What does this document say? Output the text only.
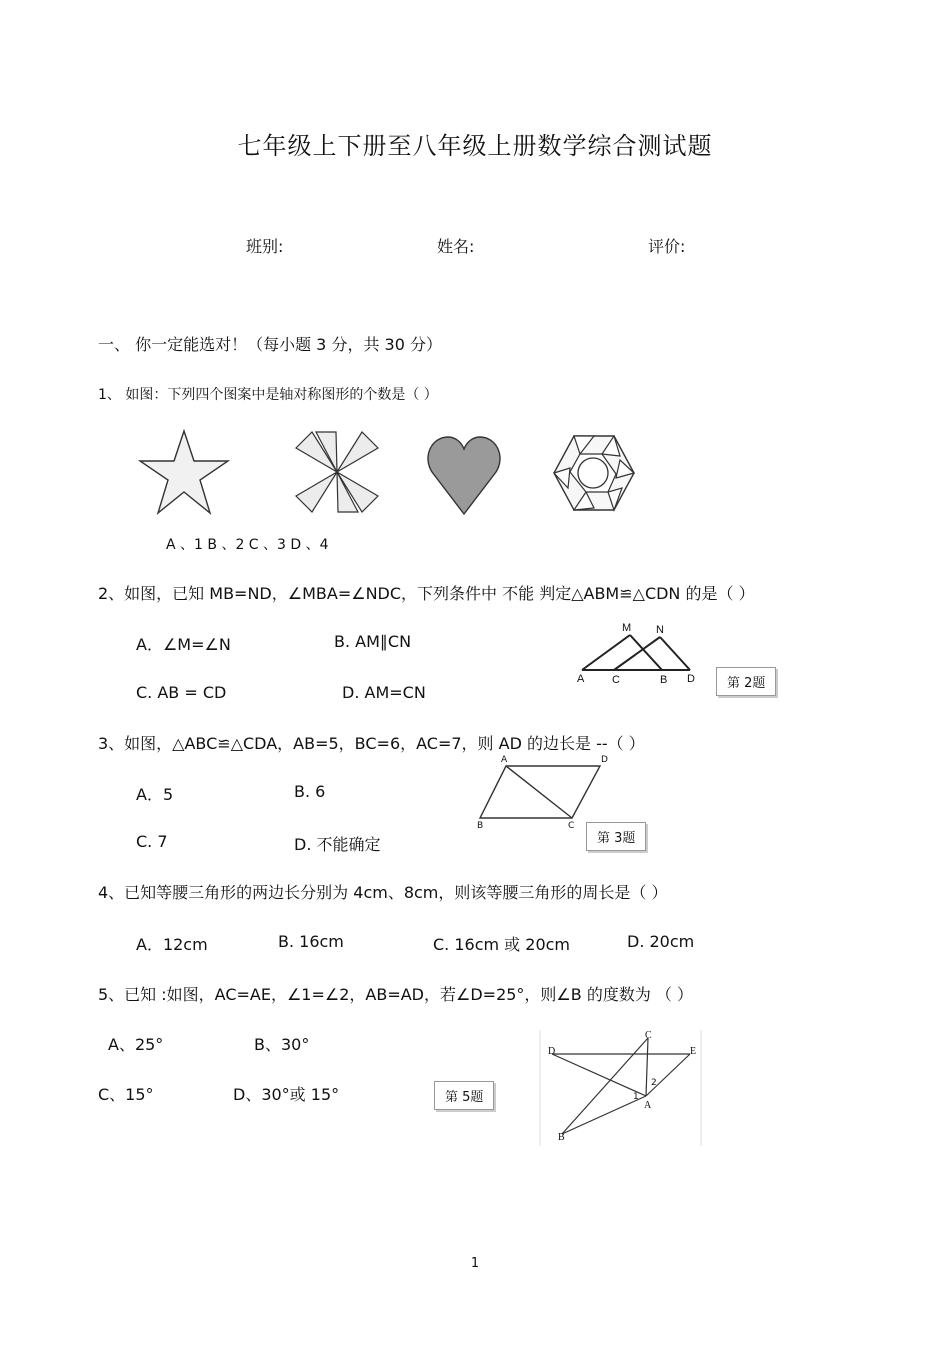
七年级上下册至八年级上册数学综合测试题
班别:	姓名:	评价:
一、 你一定能选对！（每小题 3 分，共 30 分）
1、 如图：下列四个图案中是轴对称图形的个数是（ ）
A 、1 B 、2 C 、3 D 、4
2、如图，已知 MB=ND，∠MBA=∠NDC，下列条件中 不能 判定△ABM≌△CDN 的是（ ）
A．∠M=∠N	B. AM∥CN
C. AB = CD	D. AM=CN
M N
A	C	B D	第 2题
3、如图，△ABC≌△CDA，AB=5，BC=6，AC=7，则 AD 的边长是 --（ ）
A．5	B. 6
C. 7	D. 不能确定
A	D
B	C
第 3题
4、已知等腰三角形的两边长分别为 4cm、8cm，则该等腰三角形的周长是（ ）
A．12cm	B. 16cm	C. 16cm 或 20cm	D. 20cm
5、已知 :如图，AC=AE，∠1=∠2，AB=AD，若∠D=25°，则∠B 的度数为 （ ）
A、25°	B、30°
C、15°	D、30°或 15°	第 5题
C
D	E
A
B
1
2
1
